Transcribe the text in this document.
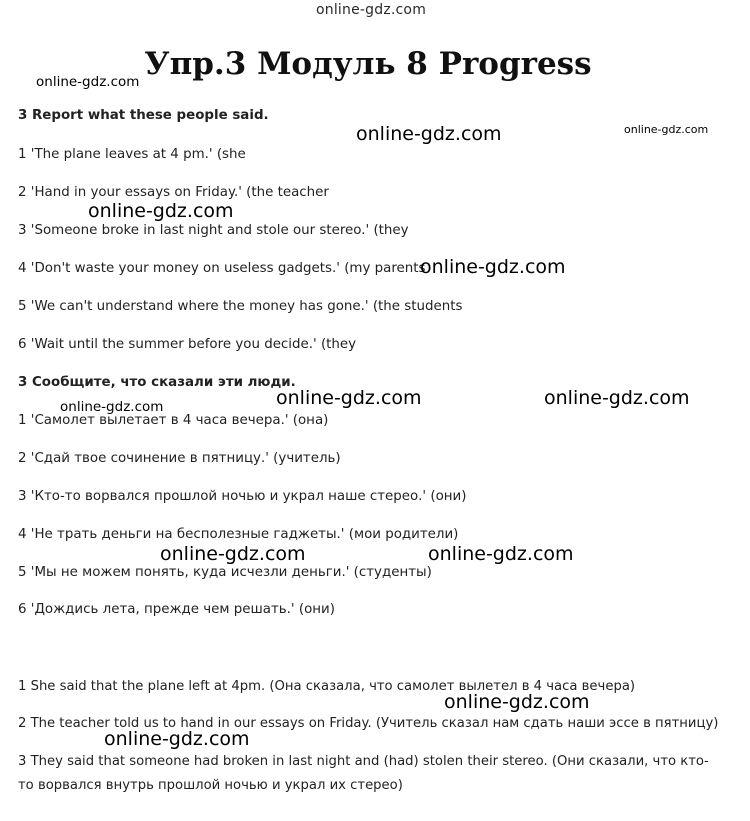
online-gdz.com
Упр.3 Модуль 8 Progress
3 Report what these people said.
1 'The plane leaves at 4 pm.' (she
2 'Hand in your essays on Friday.' (the teacher
3 'Someone broke in last night and stole our stereo.' (they
4 'Don't waste your money on useless gadgets.' (my parents
5 'We can't understand where the money has gone.' (the students
6 'Wait until the summer before you decide.' (they
3 Сообщите, что сказали эти люди.
1 'Самолет вылетает в 4 часа вечера.' (она)
2 'Сдай твое сочинение в пятницу.' (учитель)
3 'Кто-то ворвался прошлой ночью и украл наше стерео.' (они)
4 'Не трать деньги на бесполезные гаджеты.' (мои родители)
5 'Мы не можем понять, куда исчезли деньги.' (студенты)
6 'Дождись лета, прежде чем решать.' (они)
1 She said that the plane left at 4pm. (Она сказала, что самолет вылетел в 4 часа вечера)
2 The teacher told us to hand in our essays on Friday. (Учитель сказал нам сдать наши эссе в пятницу)
3 They said that someone had broken in last night and (had) stolen their stereo. (Они сказали, что кто-
то ворвался внутрь прошлой ночью и украл их стерео)
online-gdz.com
online-gdz.com	online-gdz.com
online-gdz.com
online-gdz.com
online-gdz.com	online-gdz.com
online-gdz.com
online-gdz.com	online-gdz.com
online-gdz.com
online-gdz.com
